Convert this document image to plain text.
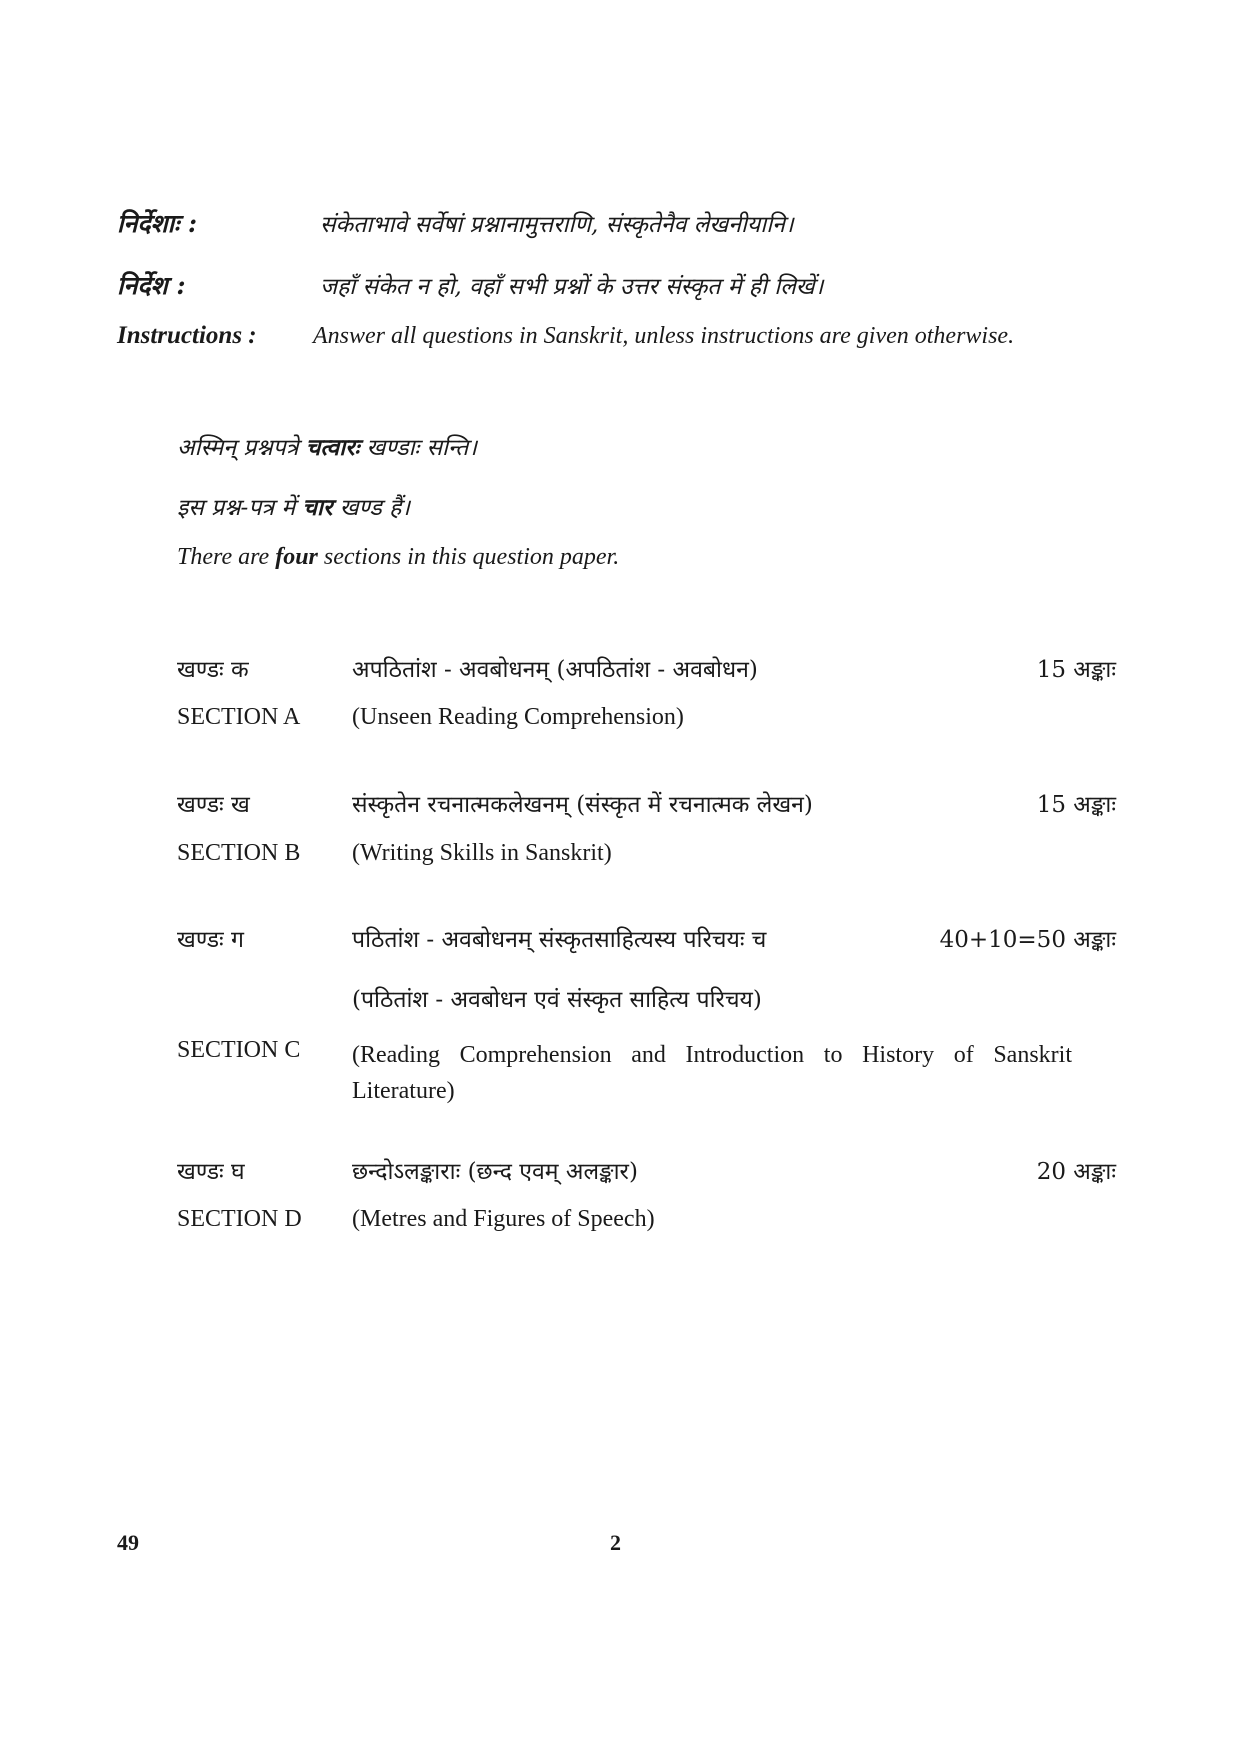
निर्देशाः :	संकेताभावे सर्वेषां प्रश्नानामुत्तराणि, संस्कृतेनैव लेखनीयानि।
निर्देश :	जहाँ संकेत न हो, वहाँ सभी प्रश्नों के उत्तर संस्कृत में ही लिखें।
Instructions : Answer all questions in Sanskrit, unless instructions are given otherwise.
अस्मिन् प्रश्नपत्रे चत्वारः खण्डाः सन्ति।
इस प्रश्न-पत्र में चार खण्ड हैं।
There are four sections in this question paper.
खण्डः क	अपठितांश - अवबोधनम् (अपठितांश - अवबोधन)	15 अङ्काः
SECTION A (Unseen Reading Comprehension)
खण्डः ख	संस्कृतेन रचनात्मकलेखनम् (संस्कृत में रचनात्मक लेखन)	15 अङ्काः
SECTION B (Writing Skills in Sanskrit)
खण्डः ग	पठितांश - अवबोधनम् संस्कृतसाहित्यस्य परिचयः च	40+10=50 अङ्काः
(पठितांश - अवबोधन एवं संस्कृत साहित्य परिचय)
SECTION C (Reading Comprehension and Introduction to History of Sanskrit Literature)
खण्डः घ	छन्दोऽलङ्काराः (छन्द एवम् अलङ्कार)	20 अङ्काः
SECTION D (Metres and Figures of Speech)
49	2
